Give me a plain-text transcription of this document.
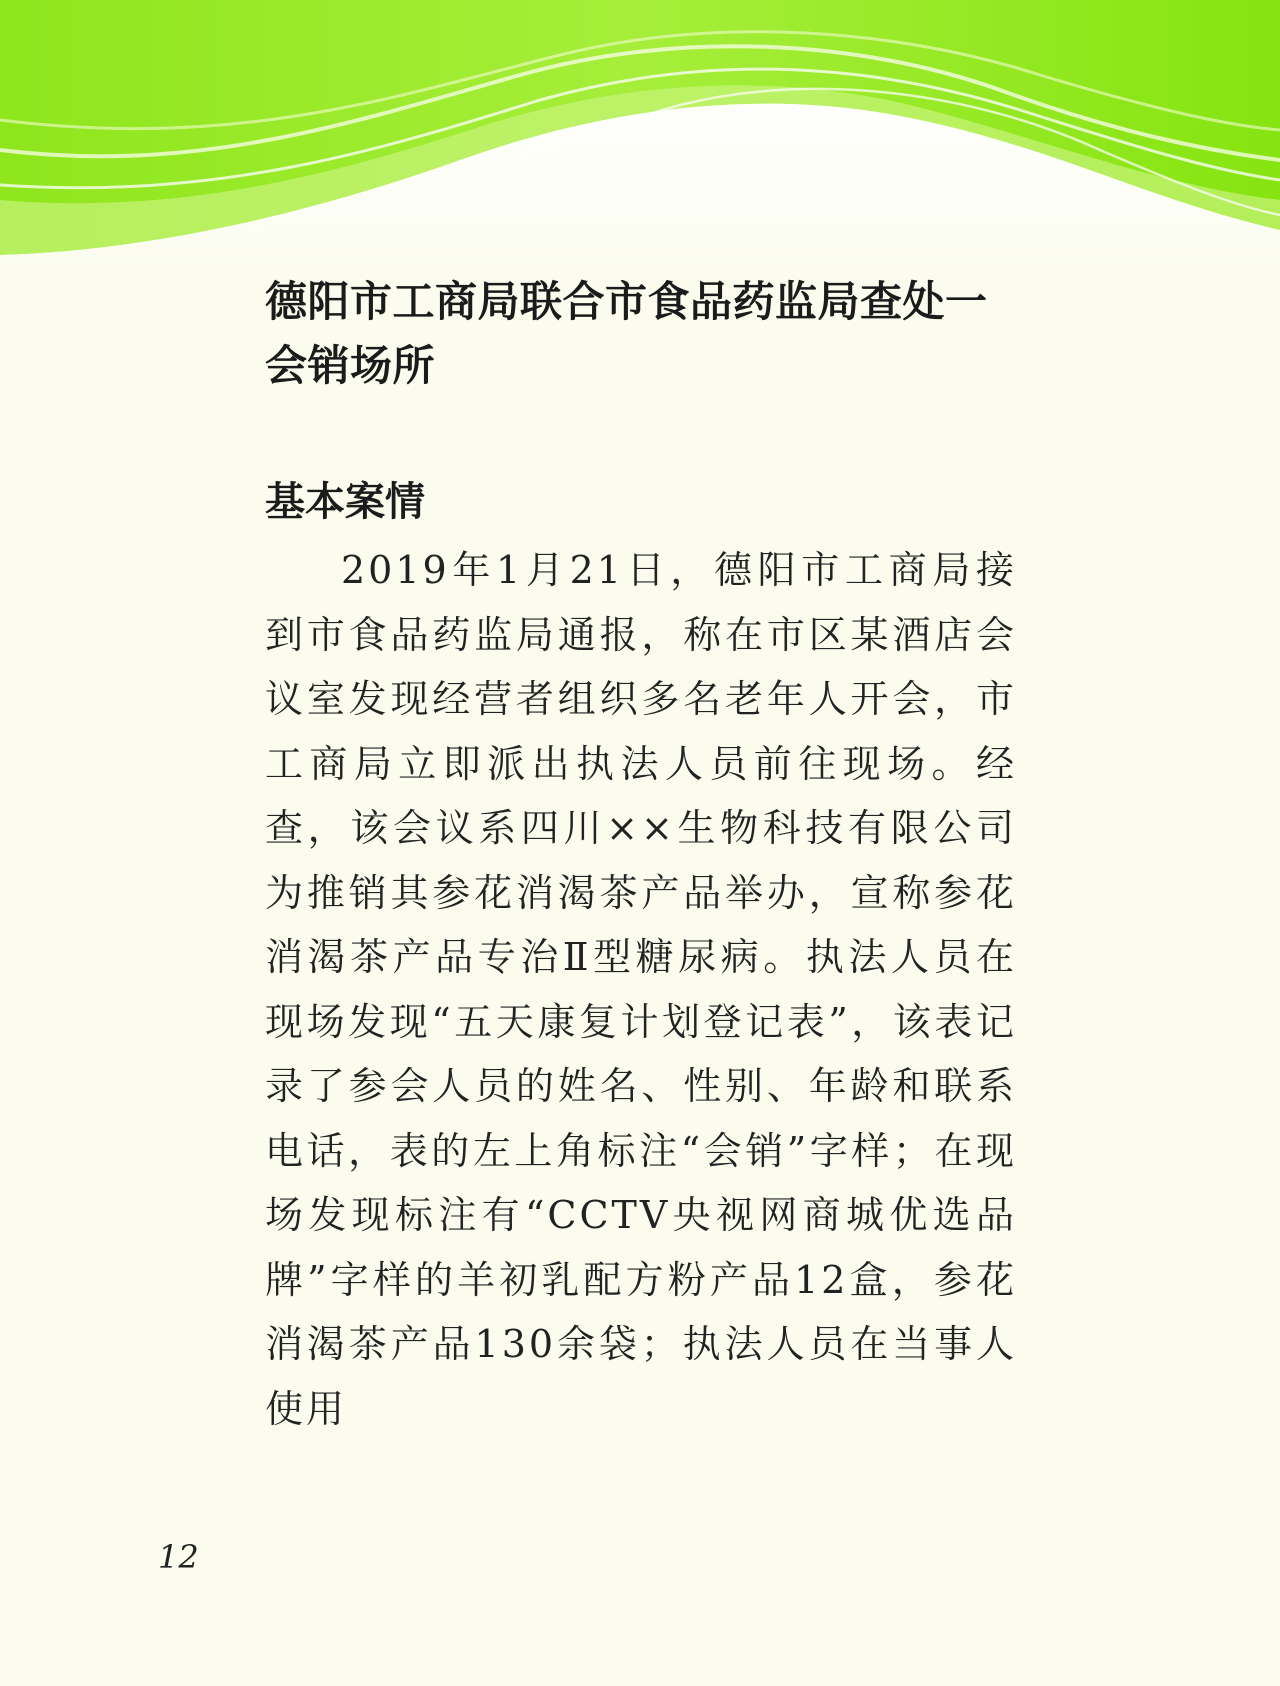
德阳市工商局联合市食品药监局查处一会销场所
基本案情

2019年1月21日，德阳市工商局接到市食品药监局通报，称在市区某酒店会议室发现经营者组织多名老年人开会，市工商局立即派出执法人员前往现场。经查，该会议系四川××生物科技有限公司为推销其参花消渴茶产品举办，宣称参花消渴茶产品专治Ⅱ型糖尿病。执法人员在现场发现“五天康复计划登记表”，该表记录了参会人员的姓名、性别、年龄和联系电话，表的左上角标注“会销”字样；在现场发现标注有“CCTV央视网商城优选品牌”字样的羊初乳配方粉产品12盒，参花消渴茶产品130余袋；执法人员在当事人使用

12
